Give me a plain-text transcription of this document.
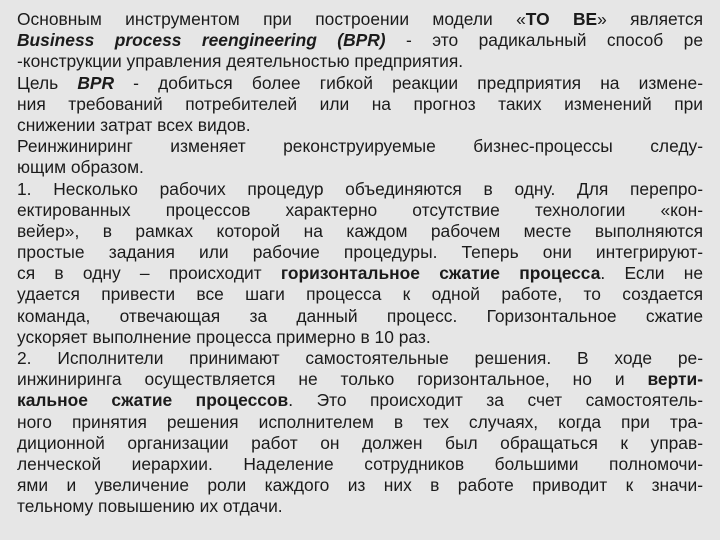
Основным инструментом при построении модели «TO BE» является
Business process reengineering (BPR) - это радикальный способ ре
-конструкции управления деятельностью предприятия.
Цель BPR - добиться более гибкой реакции предприятия на измене-
ния требований потребителей или на прогноз таких изменений при
снижении затрат всех видов.
Реинжиниринг изменяет реконструируемые бизнес-процессы следу-
ющим образом.
1. Несколько рабочих процедур объединяются в одну. Для перепро-
ектированных процессов характерно отсутствие технологии «кон-
вейер», в рамках которой на каждом рабочем месте выполняются
простые задания или рабочие процедуры. Теперь они интегрируют-
ся в одну – происходит горизонтальное сжатие процесса. Если не
удается привести все шаги процесса к одной работе, то создается
команда, отвечающая за данный процесс. Горизонтальное сжатие
ускоряет выполнение процесса примерно в 10 раз.
2. Исполнители принимают самостоятельные решения. В ходе ре-
инжиниринга осуществляется не только горизонтальное, но и верти-
кальное сжатие процессов. Это происходит за счет самостоятель-
ного принятия решения исполнителем в тех случаях, когда при тра-
диционной организации работ он должен был обращаться к управ-
ленческой иерархии. Наделение сотрудников большими полномочи-
ями и увеличение роли каждого из них в работе приводит к значи-
тельному повышению их отдачи.
